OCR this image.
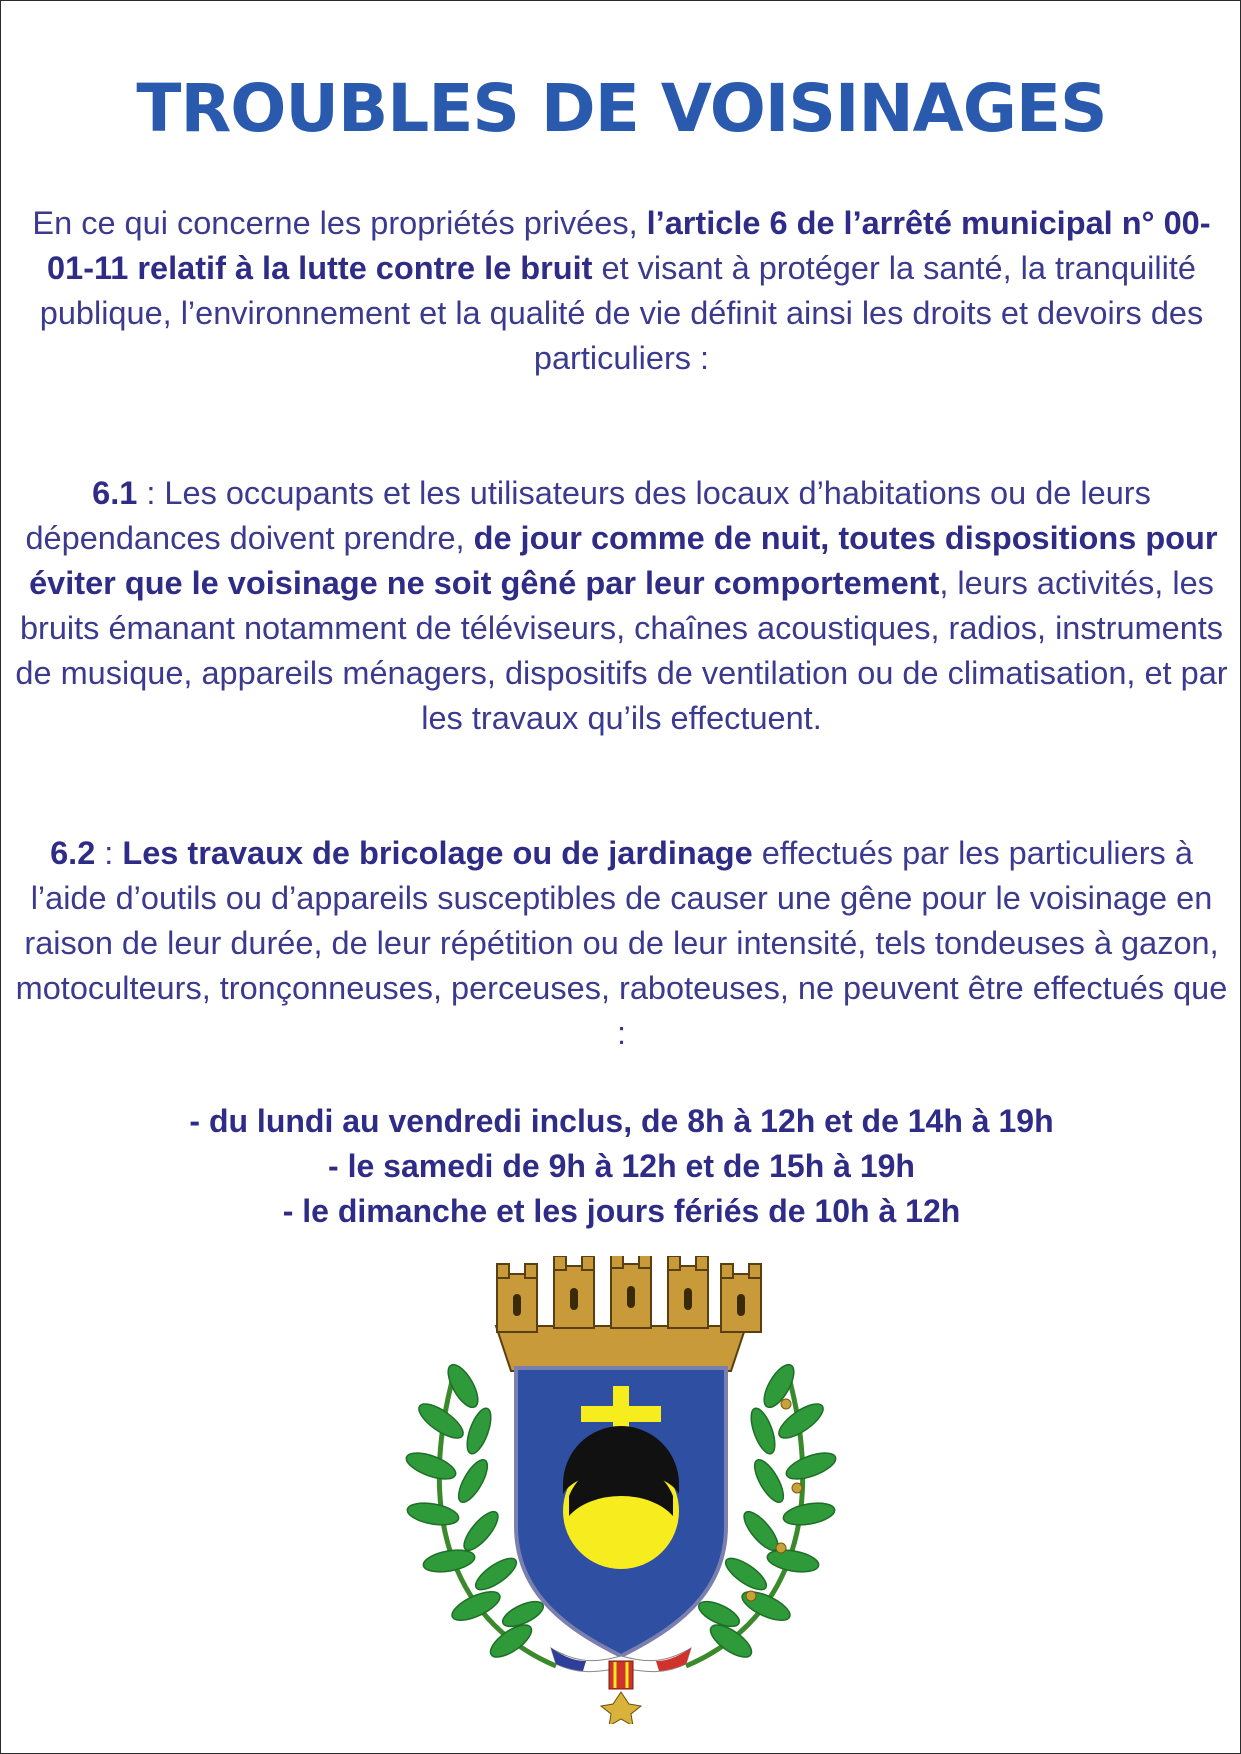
TROUBLES DE VOISINAGES

En ce qui concerne les propriétés privées, l’article 6 de l’arrêté municipal n° 00-01-11 relatif à la lutte contre le bruit et visant à protéger la santé, la tranquilité publique, l’environnement et la qualité de vie définit ainsi les droits et devoirs des particuliers :

6.1 : Les occupants et les utilisateurs des locaux d’habitations ou de leurs dépendances doivent prendre, de jour comme de nuit, toutes dispositions pour éviter que le voisinage ne soit gêné par leur comportement, leurs activités, les bruits émanant notamment de téléviseurs, chaînes acoustiques, radios, instruments de musique, appareils ménagers, dispositifs de ventilation ou de climatisation, et par les travaux qu’ils effectuent.

6.2 : Les travaux de bricolage ou de jardinage effectués par les particuliers à l’aide d’outils ou d’appareils susceptibles de causer une gêne pour le voisinage en raison de leur durée, de leur répétition ou de leur intensité, tels tondeuses à gazon, motoculteurs, tronçonneuses, perceuses, raboteuses, ne peuvent être effectués que :

- du lundi au vendredi inclus, de 8h à 12h et de 14h à 19h
- le samedi de 9h à 12h et de 15h à 19h
- le dimanche et les jours fériés de 10h à 12h
